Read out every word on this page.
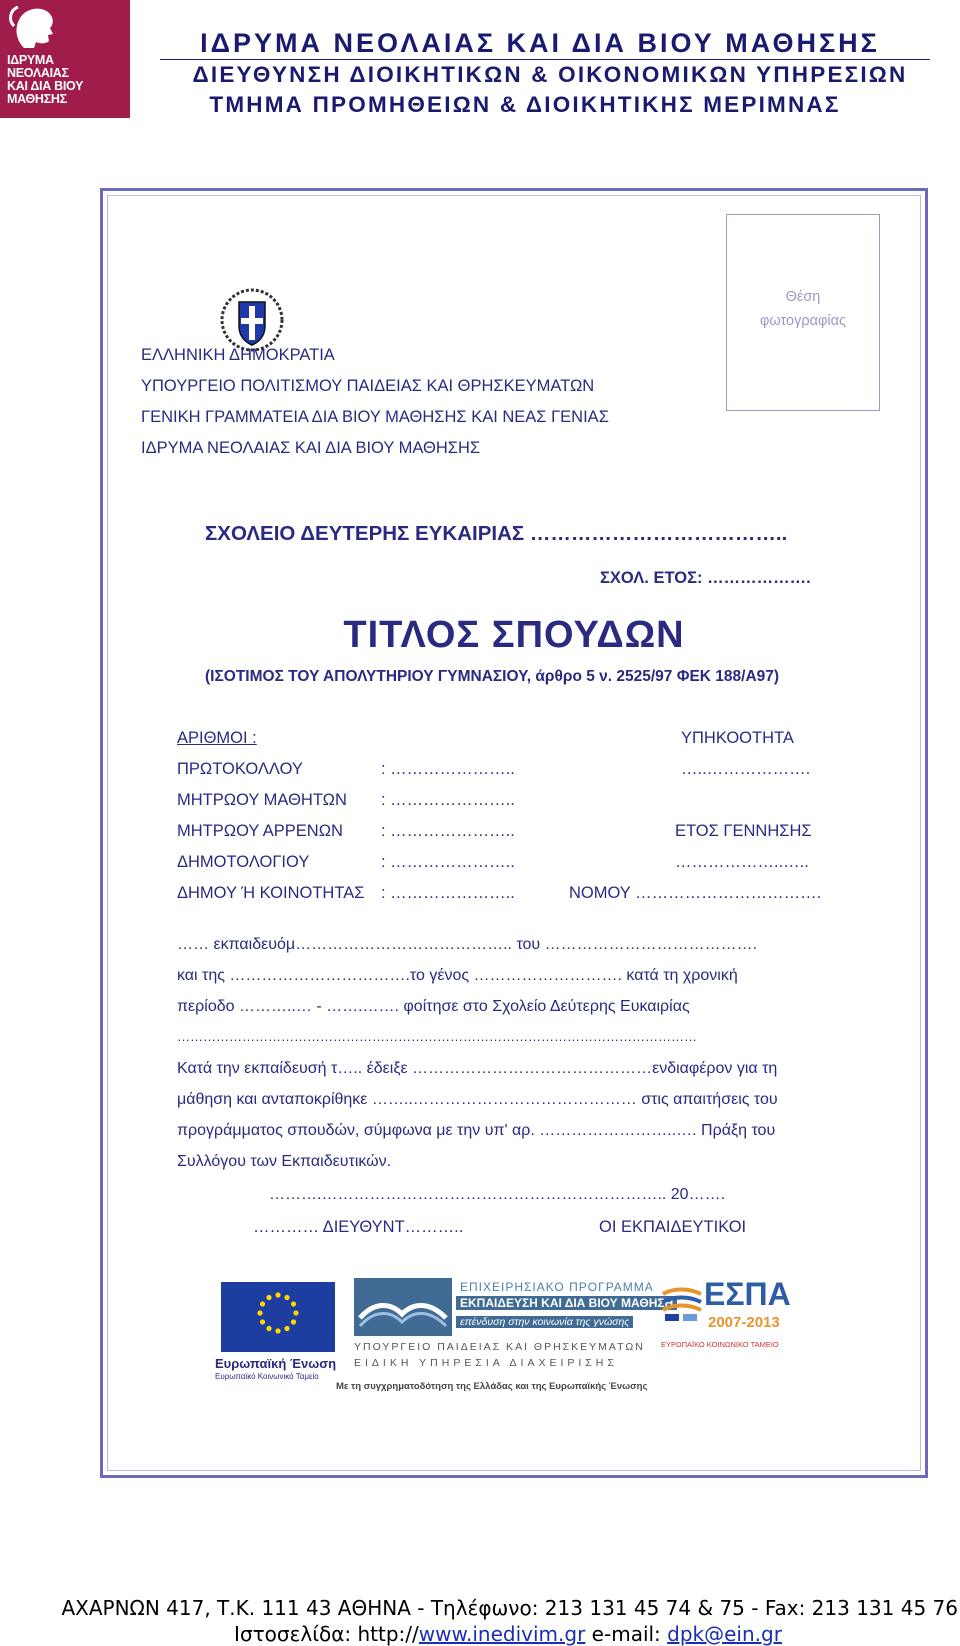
ΙΔΡΥΜΑ
ΝΕΟΛΑΙΑΣ
ΚΑΙ ΔΙΑ ΒΙΟΥ
ΜΑΘΗΣΗΣ
ΙΔΡΥΜΑ ΝΕΟΛΑΙΑΣ ΚΑΙ ΔΙΑ ΒΙΟΥ ΜΑΘΗΣΗΣ
ΔΙΕΥΘΥΝΣΗ ΔΙΟΙΚΗΤΙΚΩΝ & ΟΙΚΟΝΟΜΙΚΩΝ ΥΠΗΡΕΣΙΩΝ
ΤΜΗΜΑ ΠΡΟΜΗΘΕΙΩΝ & ΔΙΟΙΚΗΤΙΚΗΣ ΜΕΡΙΜΝΑΣ
Θέση
φωτογραφίας
ΕΛΛΗΝΙΚΗ ΔΗΜΟΚΡΑΤΙΑ
ΥΠΟΥΡΓΕΙΟ ΠΟΛΙΤΙΣΜΟΥ ΠΑΙΔΕΙΑΣ ΚΑΙ ΘΡΗΣΚΕΥΜΑΤΩΝ
ΓΕΝΙΚΗ ΓΡΑΜΜΑΤΕΙΑ ΔΙΑ ΒΙΟΥ ΜΑΘΗΣΗΣ ΚΑΙ ΝΕΑΣ ΓΕΝΙΑΣ
ΙΔΡΥΜΑ ΝΕΟΛΑΙΑΣ ΚΑΙ ΔΙΑ ΒΙΟΥ ΜΑΘΗΣΗΣ
ΣΧΟΛΕΙΟ ΔΕΥΤΕΡΗΣ ΕΥΚΑΙΡΙΑΣ ………………………………..
ΣΧΟΛ. ΕΤΟΣ: ……………….
ΤΙΤΛΟΣ ΣΠΟΥΔΩΝ
(ΙΣΟΤΙΜΟΣ ΤΟΥ ΑΠΟΛΥΤΗΡΙΟΥ ΓΥΜΝΑΣΙΟΥ, άρθρο 5 ν. 2525/97 ΦΕΚ 188/Α97)
ΑΡΙΘΜΟΙ :	ΥΠΗΚΟΟΤΗΤΑ
ΠΡΩΤΟΚΟΛΛΟΥ	: …………………..	…..……………….
ΜΗΤΡΩΟΥ ΜΑΘΗΤΩΝ : …………………..
ΜΗΤΡΩΟΥ ΑΡΡΕΝΩΝ : …………………..	ΕΤΟΣ ΓΕΝΝΗΣΗΣ
ΔΗΜΟΤΟΛΟΓΙΟΥ	: …………………..	………………..…..
ΔΗΜΟΥ Ή ΚΟΙΝΟΤΗΤΑΣ : …………………..	ΝΟΜΟΥ …………………………….
…… εκπαιδευόμ………………………………….. του ………………………………….
και της …………………………….το γένος ………………………. κατά τη χρονική
περίοδο ………..… - …….……. φοίτησε στο Σχολείο Δεύτερης Ευκαιρίας
…………………………………………………………………………………………………………
Κατά την εκπαίδευσή τ….. έδειξε ………………………………………ενδιαφέρον για τη
μάθηση και ανταποκρίθηκε ……..…………………………………… στις απαιτήσεις του
προγράμματος σπουδών, σύμφωνα με την υπ' αρ. ……………………..…. Πράξη του
Συλλόγου των Εκπαιδευτικών.
……….……………………………………………………….. 20…….
………… ΔΙΕΥΘΥΝΤ………..	ΟΙ ΕΚΠΑΙΔΕΥΤΙΚΟΙ
Ευρωπαϊκή Ένωση
Ευρωπαϊκό Κοινωνικό Ταμείο
ΕΠΙΧΕΙΡΗΣΙΑΚΟ ΠΡΟΓΡΑΜΜΑ
ΕΚΠΑΙΔΕΥΣΗ ΚΑΙ ΔΙΑ ΒΙΟΥ ΜΑΘΗΣΗ
επένδυση στην κοινωνία της γνώσης
ΥΠΟΥΡΓΕΙΟ ΠΑΙΔΕΙΑΣ ΚΑΙ ΘΡΗΣΚΕΥΜΑΤΩΝ
ΕΙΔΙΚΗ ΥΠΗΡΕΣΙΑ ΔΙΑΧΕΙΡΙΣΗΣ
Με τη συγχρηματοδότηση της Ελλάδας και της Ευρωπαϊκής Ένωσης
ΕΣΠΑ
2007-2013
ΕΥΡΩΠΑΪΚΟ ΚΟΙΝΩΝΙΚΟ ΤΑΜΕΙΟ
ΑΧΑΡΝΩΝ 417, Τ.Κ. 111 43 ΑΘΗΝΑ - Τηλέφωνο: 213 131 45 74 & 75 - Fax: 213 131 45 76
Ιστοσελίδα: http://www.inedivim.gr e-mail: dpk@ein.gr
